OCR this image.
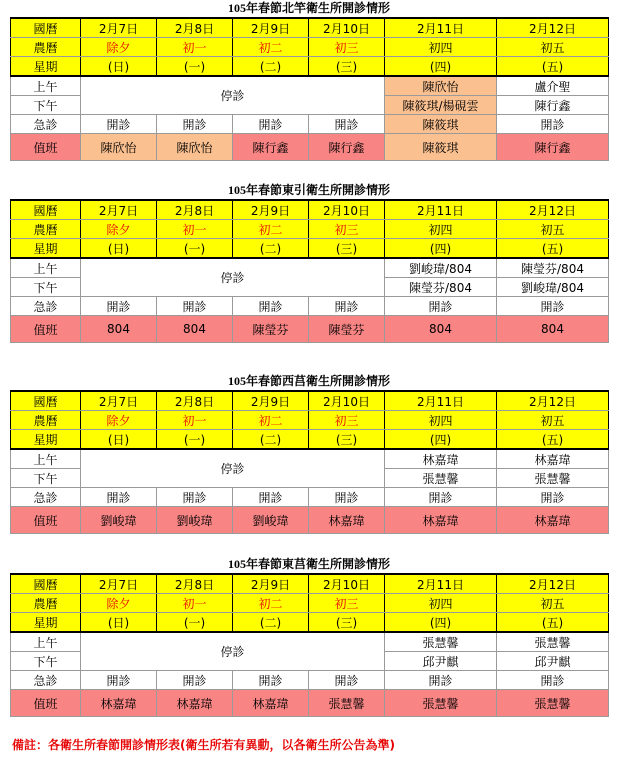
105年春節北竿衛生所開診情形
國曆	2月7日	2月8日	2月9日	2月10日	2月11日	2月12日
農曆	除夕	初一	初二	初三	初四	初五
星期	(日)	(一)	(二)	(三)	(四)	(五)
上午	停診				陳欣怡	盧介聖
下午					陳筱琪/楊硯雲	陳行鑫
急診	開診	開診	開診	開診	陳筱琪	開診
值班	陳欣怡	陳欣怡	陳行鑫	陳行鑫	陳筱琪	陳行鑫
105年春節東引衛生所開診情形
國曆	2月7日	2月8日	2月9日	2月10日	2月11日	2月12日
農曆	除夕	初一	初二	初三	初四	初五
星期	(日)	(一)	(二)	(三)	(四)	(五)
上午	停診				劉峻瑋/804	陳瑩芬/804
下午					陳瑩芬/804	劉峻瑋/804
急診	開診	開診	開診	開診	開診	開診
值班	804	804	陳瑩芬	陳瑩芬	804	804
105年春節西莒衛生所開診情形
國曆	2月7日	2月8日	2月9日	2月10日	2月11日	2月12日
農曆	除夕	初一	初二	初三	初四	初五
星期	(日)	(一)	(二)	(三)	(四)	(五)
上午	停診				林嘉瑋	林嘉瑋
下午					張慧馨	張慧馨
急診	開診	開診	開診	開診	開診	開診
值班	劉峻瑋	劉峻瑋	劉峻瑋	林嘉瑋	林嘉瑋	林嘉瑋
105年春節東莒衛生所開診情形
國曆	2月7日	2月8日	2月9日	2月10日	2月11日	2月12日
農曆	除夕	初一	初二	初三	初四	初五
星期	(日)	(一)	(二)	(三)	(四)	(五)
上午	停診				張慧馨	張慧馨
下午					邱尹麒	邱尹麒
急診	開診	開診	開診	開診	開診	開診
值班	林嘉瑋	林嘉瑋	林嘉瑋	張慧馨	張慧馨	張慧馨
備註：各衛生所春節開診情形表(衛生所若有異動，以各衛生所公告為準)
